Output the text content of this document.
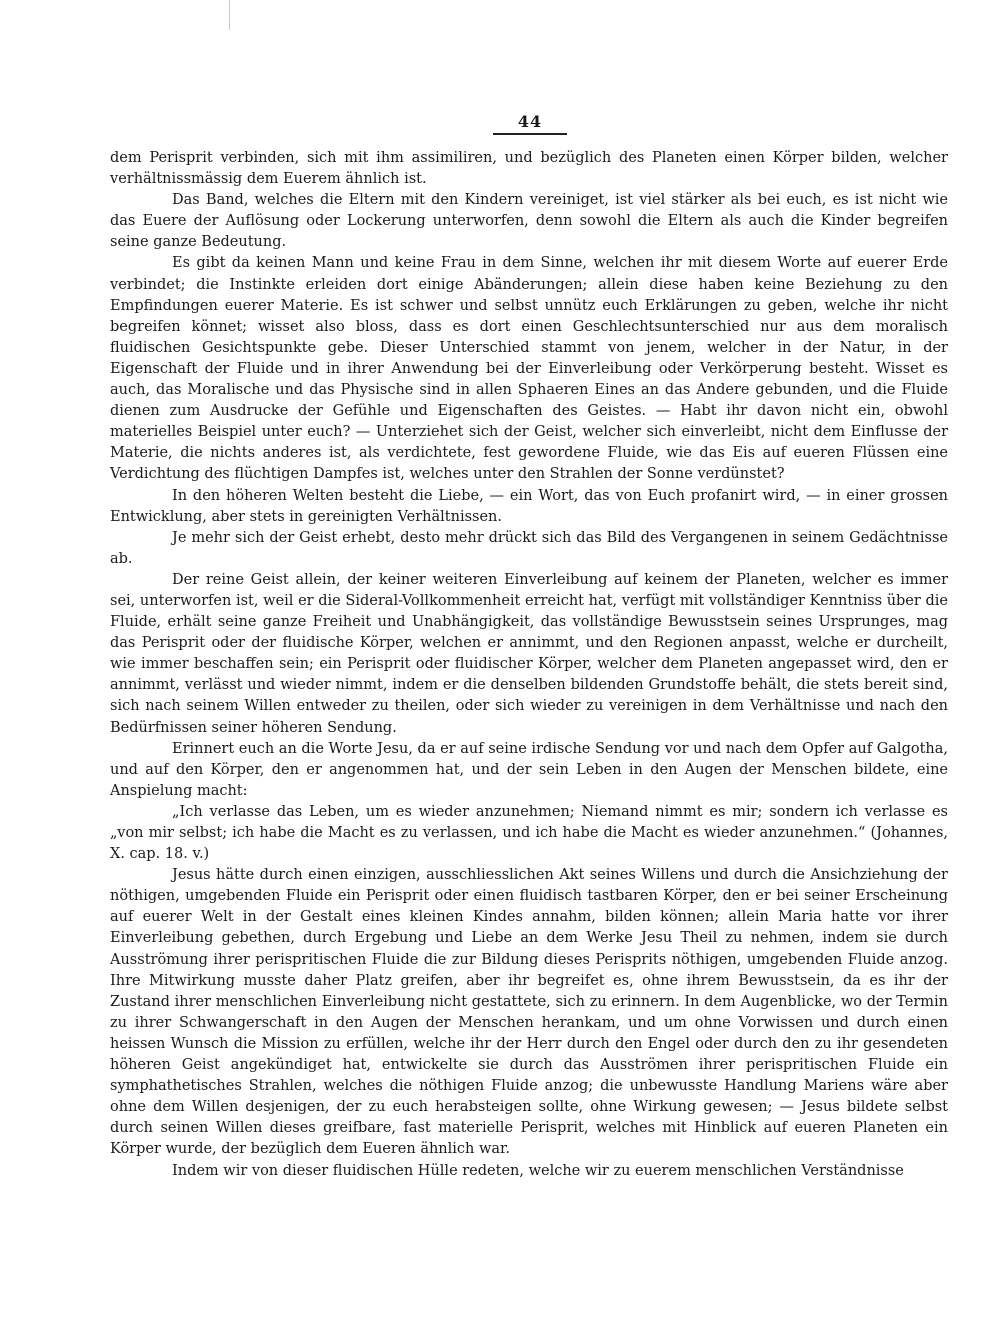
44

dem Perisprit verbinden, sich mit ihm assimiliren, und bezüglich des Planeten einen Körper bilden, welcher verhältnissmässig dem Euerem ähnlich ist.

Das Band, welches die Eltern mit den Kindern vereiniget, ist viel stärker als bei euch, es ist nicht wie das Euere der Auflösung oder Lockerung unterworfen, denn sowohl die Eltern als auch die Kinder begreifen seine ganze Bedeutung.

Es gibt da keinen Mann und keine Frau in dem Sinne, welchen ihr mit diesem Worte auf euerer Erde verbindet; die Instinkte erleiden dort einige Abänderungen; allein diese haben keine Beziehung zu den Empfindungen euerer Materie. Es ist schwer und selbst unnütz euch Erklärungen zu geben, welche ihr nicht begreifen könnet; wisset also bloss, dass es dort einen Geschlechtsunterschied nur aus dem moralisch fluidischen Gesichtspunkte gebe. Dieser Unterschied stammt von jenem, welcher in der Natur, in der Eigenschaft der Fluide und in ihrer Anwendung bei der Einverleibung oder Verkörperung besteht. Wisset es auch, das Moralische und das Physische sind in allen Sphaeren Eines an das Andere gebunden, und die Fluide dienen zum Ausdrucke der Gefühle und Eigenschaften des Geistes. — Habt ihr davon nicht ein, obwohl materielles Beispiel unter euch? — Unterziehet sich der Geist, welcher sich einverleibt, nicht dem Einflusse der Materie, die nichts anderes ist, als verdichtete, fest gewordene Fluide, wie das Eis auf eueren Flüssen eine Verdichtung des flüchtigen Dampfes ist, welches unter den Strahlen der Sonne verdünstet?

In den höheren Welten besteht die Liebe, — ein Wort, das von Euch profanirt wird, — in einer grossen Entwicklung, aber stets in gereinigten Verhältnissen.

Je mehr sich der Geist erhebt, desto mehr drückt sich das Bild des Vergangenen in seinem Gedächtnisse ab.

Der reine Geist allein, der keiner weiteren Einverleibung auf keinem der Planeten, welcher es immer sei, unterworfen ist, weil er die Sideral-Vollkommenheit erreicht hat, verfügt mit vollständiger Kenntniss über die Fluide, erhält seine ganze Freiheit und Unabhängigkeit, das vollständige Bewusstsein seines Ursprunges, mag das Perisprit oder der fluidische Körper, welchen er annimmt, und den Regionen anpasst, welche er durcheilt, wie immer beschaffen sein; ein Perisprit oder fluidischer Körper, welcher dem Planeten angepasset wird, den er annimmt, verlässt und wieder nimmt, indem er die denselben bildenden Grundstoffe behält, die stets bereit sind, sich nach seinem Willen entweder zu theilen, oder sich wieder zu vereinigen in dem Verhältnisse und nach den Bedürfnissen seiner höheren Sendung.

Erinnert euch an die Worte Jesu, da er auf seine irdische Sendung vor und nach dem Opfer auf Galgotha, und auf den Körper, den er angenommen hat, und der sein Leben in den Augen der Menschen bildete, eine Anspielung macht:

„Ich verlasse das Leben, um es wieder anzunehmen; Niemand nimmt es mir; sondern ich verlasse es „von mir selbst; ich habe die Macht es zu verlassen, und ich habe die Macht es wieder anzunehmen.“ (Johannes, X. cap. 18. v.)

Jesus hätte durch einen einzigen, ausschliesslichen Akt seines Willens und durch die Ansichziehung der nöthigen, umgebenden Fluide ein Perisprit oder einen fluidisch tastbaren Körper, den er bei seiner Erscheinung auf euerer Welt in der Gestalt eines kleinen Kindes annahm, bilden können; allein Maria hatte vor ihrer Einverleibung gebethen, durch Ergebung und Liebe an dem Werke Jesu Theil zu nehmen, indem sie durch Ausströmung ihrer perispritischen Fluide die zur Bildung dieses Perisprits nöthigen, umgebenden Fluide anzog. Ihre Mitwirkung musste daher Platz greifen, aber ihr begreifet es, ohne ihrem Bewusstsein, da es ihr der Zustand ihrer menschlichen Einverleibung nicht gestattete, sich zu erinnern. In dem Augenblicke, wo der Termin zu ihrer Schwangerschaft in den Augen der Menschen herankam, und um ohne Vorwissen und durch einen heissen Wunsch die Mission zu erfüllen, welche ihr der Herr durch den Engel oder durch den zu ihr gesendeten höheren Geist angekündiget hat, entwickelte sie durch das Ausströmen ihrer perispritischen Fluide ein symphathetisches Strahlen, welches die nöthigen Fluide anzog; die unbewusste Handlung Mariens wäre aber ohne dem Willen desjenigen, der zu euch herabsteigen sollte, ohne Wirkung gewesen; — Jesus bildete selbst durch seinen Willen dieses greifbare, fast materielle Perisprit, welches mit Hinblick auf eueren Planeten ein Körper wurde, der bezüglich dem Eueren ähnlich war.

Indem wir von dieser fluidischen Hülle redeten, welche wir zu euerem menschlichen Verständnisse
